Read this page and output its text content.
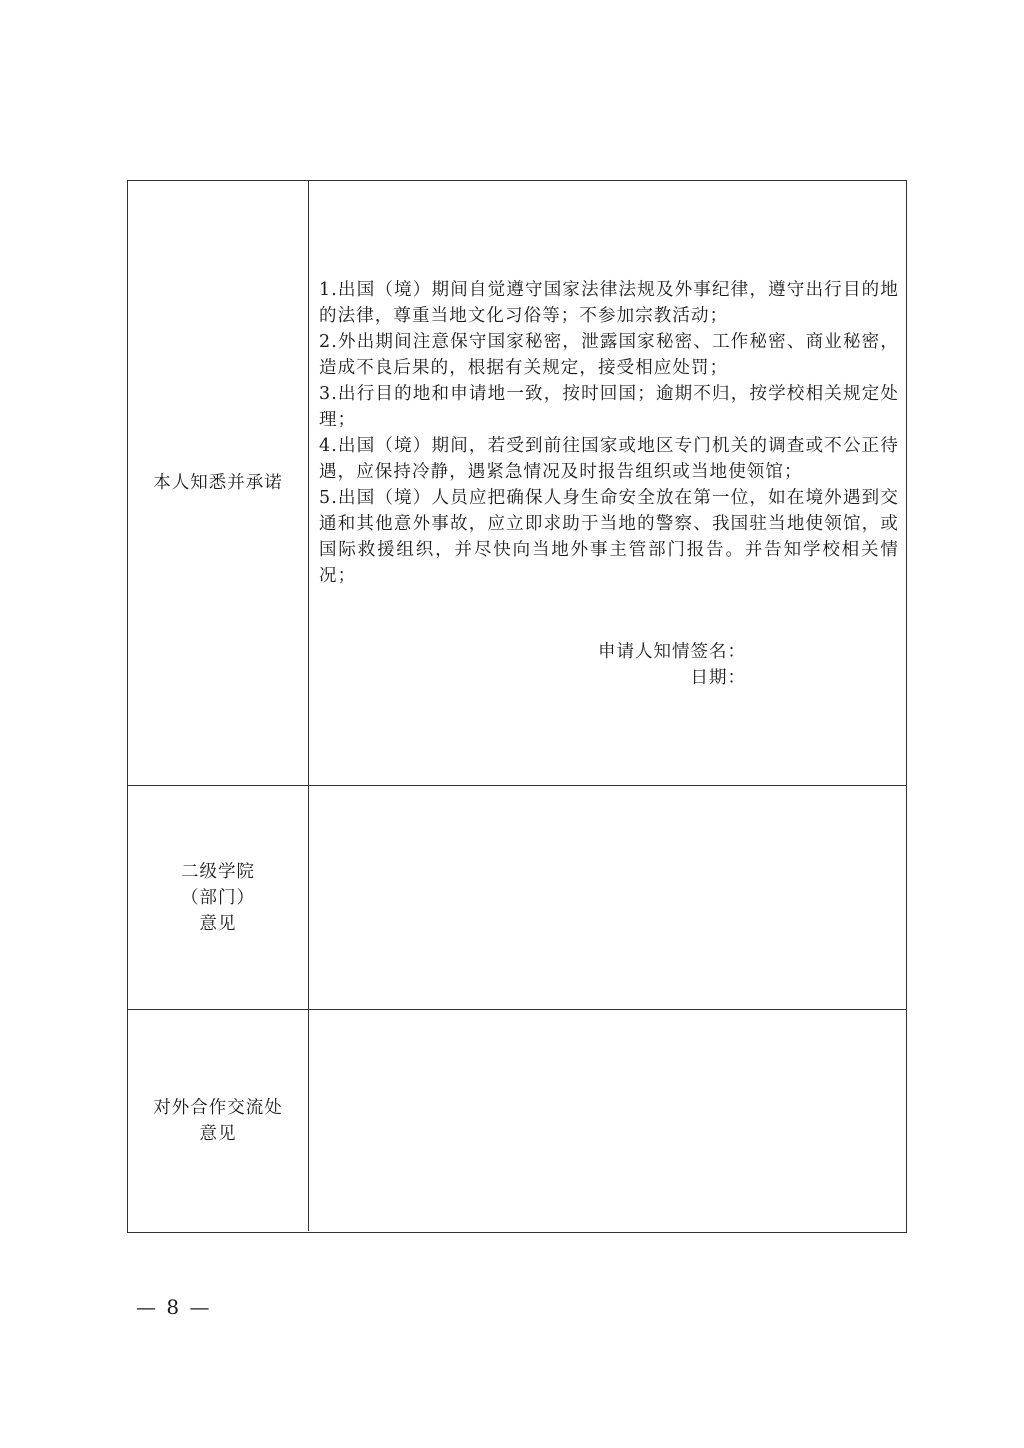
本人知悉并承诺
1.出国（境）期间自觉遵守国家法律法规及外事纪律，遵守出行目的地的法律，尊重当地文化习俗等；不参加宗教活动；
2.外出期间注意保守国家秘密，泄露国家秘密、工作秘密、商业秘密，造成不良后果的，根据有关规定，接受相应处罚；
3.出行目的地和申请地一致，按时回国；逾期不归，按学校相关规定处理；
4.出国（境）期间，若受到前往国家或地区专门机关的调查或不公正待遇，应保持冷静，遇紧急情况及时报告组织或当地使领馆；
5.出国（境）人员应把确保人身生命安全放在第一位，如在境外遇到交通和其他意外事故，应立即求助于当地的警察、我国驻当地使领馆，或国际救援组织，并尽快向当地外事主管部门报告。并告知学校相关情况；
申请人知情签名：
日期：
二级学院
（部门）
意见
对外合作交流处
意见
— 8 —
